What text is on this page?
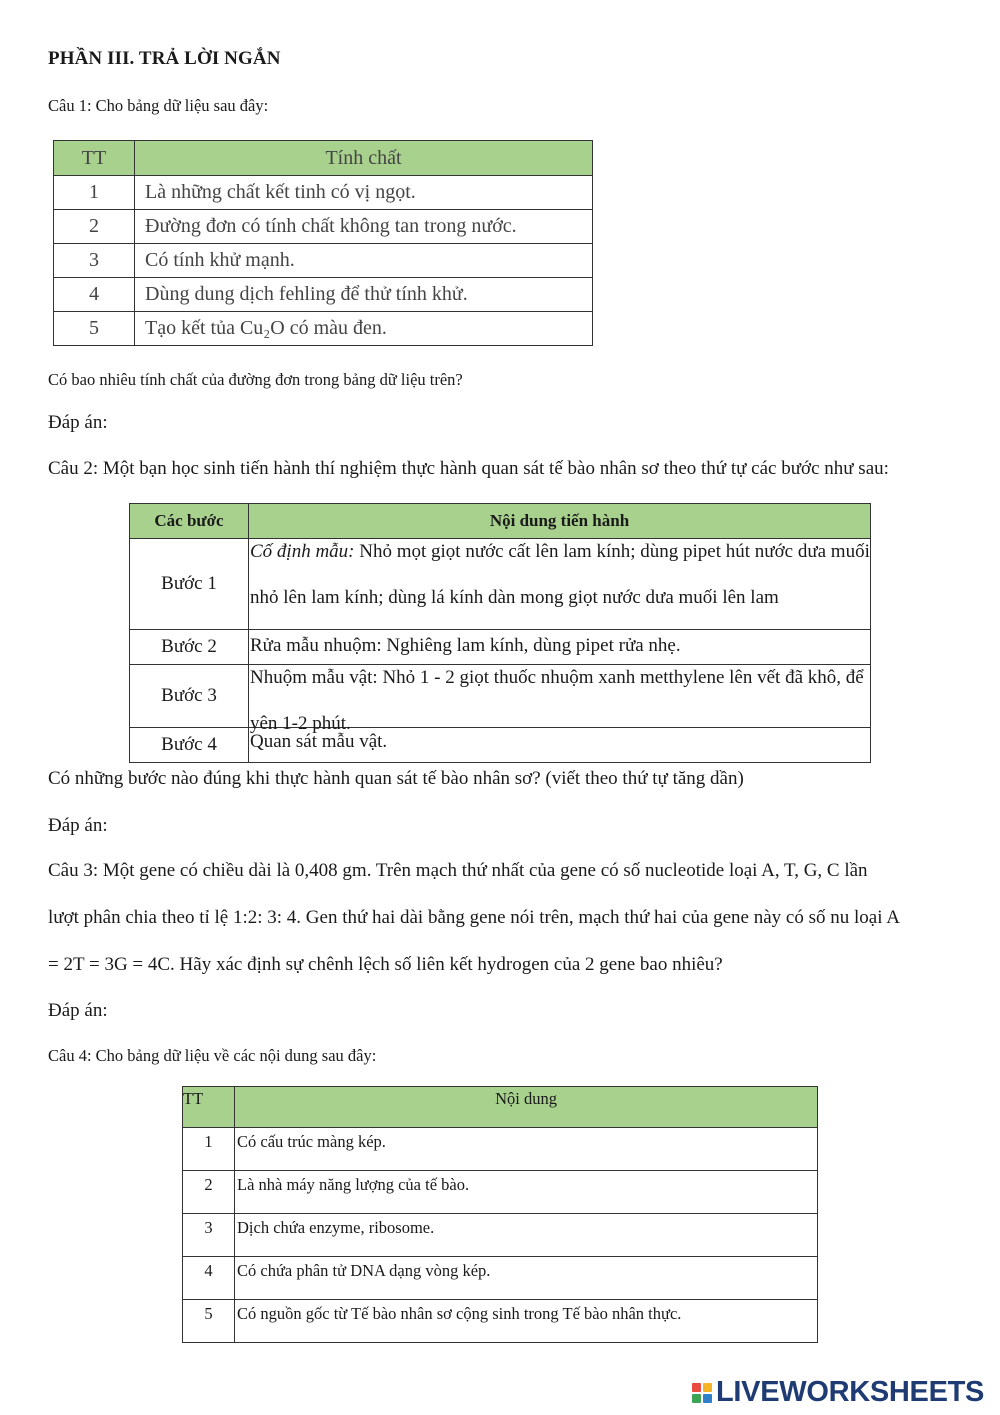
PHẦN III. TRẢ LỜI NGẮN
Câu 1: Cho bảng dữ liệu sau đây:
TT	Tính chất
1	Là những chất kết tinh có vị ngọt.
2	Đường đơn có tính chất không tan trong nước.
3	Có tính khử mạnh.
4	Dùng dung dịch fehling để thử tính khử.
5	Tạo kết tủa Cu₂O có màu đen.
Có bao nhiêu tính chất của đường đơn trong bảng dữ liệu trên?
Đáp án:
Câu 2: Một bạn học sinh tiến hành thí nghiệm thực hành quan sát tế bào nhân sơ theo thứ tự các bước như sau:
Các bước	Nội dung tiến hành
Bước 1	Cố định mẫu: Nhỏ mọt giọt nước cất lên lam kính; dùng pipet hút nước dưa muối nhỏ lên lam kính; dùng lá kính dàn mong giọt nước dưa muối lên lam

Bước 2	Rửa mẫu nhuộm: Nghiêng lam kính, dùng pipet rửa nhẹ.

Bước 3	Nhuộm mẫu vật: Nhỏ 1 - 2 giọt thuốc nhuộm xanh metthylene lên vết đã khô, để yên 1-2 phút.

Bước 4	Quan sát mẫu vật.
Có những bước nào đúng khi thực hành quan sát tế bào nhân sơ? (viết theo thứ tự tăng dần)
Đáp án:
Câu 3: Một gene có chiều dài là 0,408 gm. Trên mạch thứ nhất của gene có số nucleotide loại A, T, G, C lần
lượt phân chia theo tỉ lệ 1:2: 3: 4. Gen thứ hai dài bằng gene nói trên, mạch thứ hai của gene này có số nu loại A
= 2T = 3G = 4C. Hãy xác định sự chênh lệch số liên kết hydrogen của 2 gene bao nhiêu?
Đáp án:
Câu 4: Cho bảng dữ liệu về các nội dung sau đây:
TT	Nội dung
1	Có cấu trúc màng kép.
2	Là nhà máy năng lượng của tế bào.
3	Dịch chứa enzyme, ribosome.
4	Có chứa phân tử DNA dạng vòng kép.
5	Có nguồn gốc từ Tế bào nhân sơ cộng sinh trong Tế bào nhân thực.
LIVEWORKSHEETS
